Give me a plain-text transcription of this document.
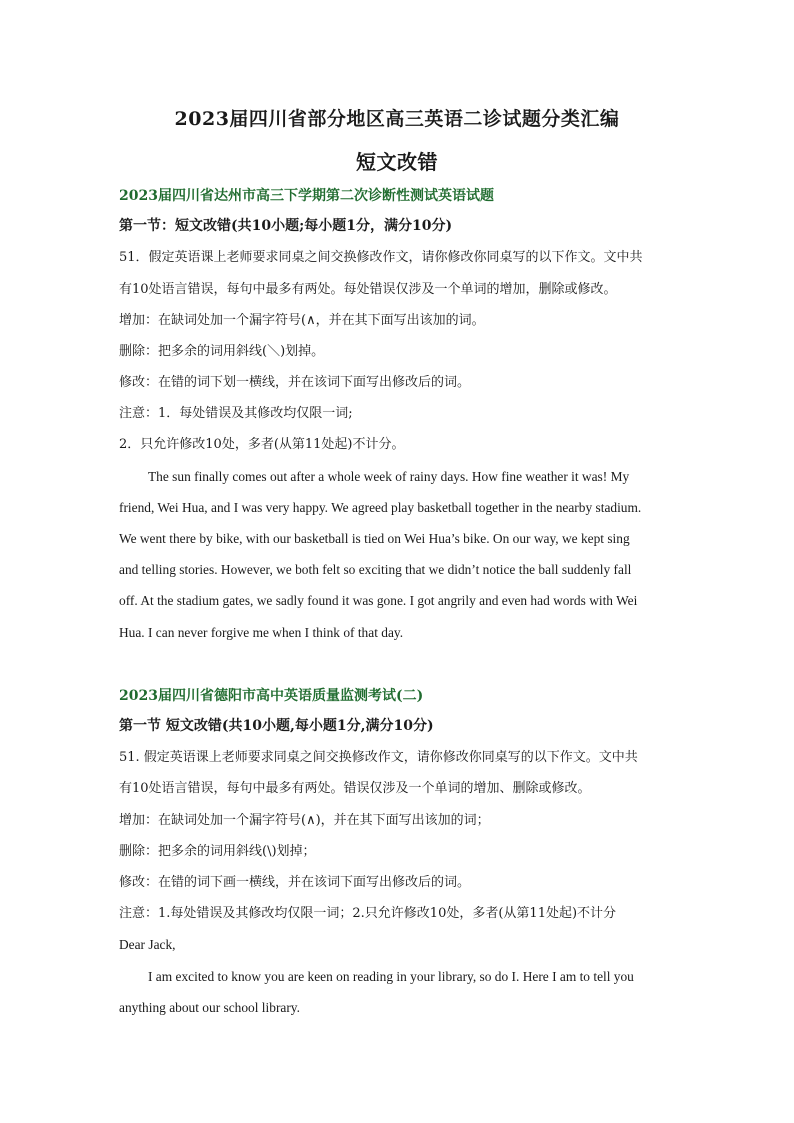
2023届四川省部分地区高三英语二诊试题分类汇编
短文改错
2023届四川省达州市高三下学期第二次诊断性测试英语试题
第一节：短文改错(共10小题;每小题1分，满分10分)
51．假定英语课上老师要求同桌之间交换修改作文，请你修改你同桌写的以下作文。文中共
有10处语言错误，每句中最多有两处。每处错误仅涉及一个单词的增加，删除或修改。
增加：在缺词处加一个漏字符号(∧，并在其下面写出该加的词。
删除：把多余的词用斜线(＼)划掉。
修改：在错的词下划一横线，并在该词下面写出修改后的词。
注意：1．每处错误及其修改均仅限一词;
2．只允许修改10处，多者(从第11处起)不计分。
The sun finally comes out after a whole week of rainy days. How fine weather it was! My
friend, Wei Hua, and I was very happy. We agreed play basketball together in the nearby stadium.
We went there by bike, with our basketball is tied on Wei Hua’s bike. On our way, we kept sing
and telling stories. However, we both felt so exciting that we didn’t notice the ball suddenly fall
off. At the stadium gates, we sadly found it was gone. I got angrily and even had words with Wei
Hua. I can never forgive me when I think of that day.
2023届四川省德阳市高中英语质量监测考试(二)
第一节 短文改错(共10小题,每小题1分,满分10分)
51. 假定英语课上老师要求同桌之间交换修改作文，请你修改你同桌写的以下作文。文中共
有10处语言错误，每句中最多有两处。错误仅涉及一个单词的增加、删除或修改。
增加：在缺词处加一个漏字符号(∧)，并在其下面写出该加的词；
删除：把多余的词用斜线(\)划掉；
修改：在错的词下画一横线，并在该词下面写出修改后的词。
注意：1.每处错误及其修改均仅限一词；2.只允许修改10处，多者(从第11处起)不计分
Dear Jack,
I am excited to know you are keen on reading in your library, so do I. Here I am to tell you
anything about our school library.
